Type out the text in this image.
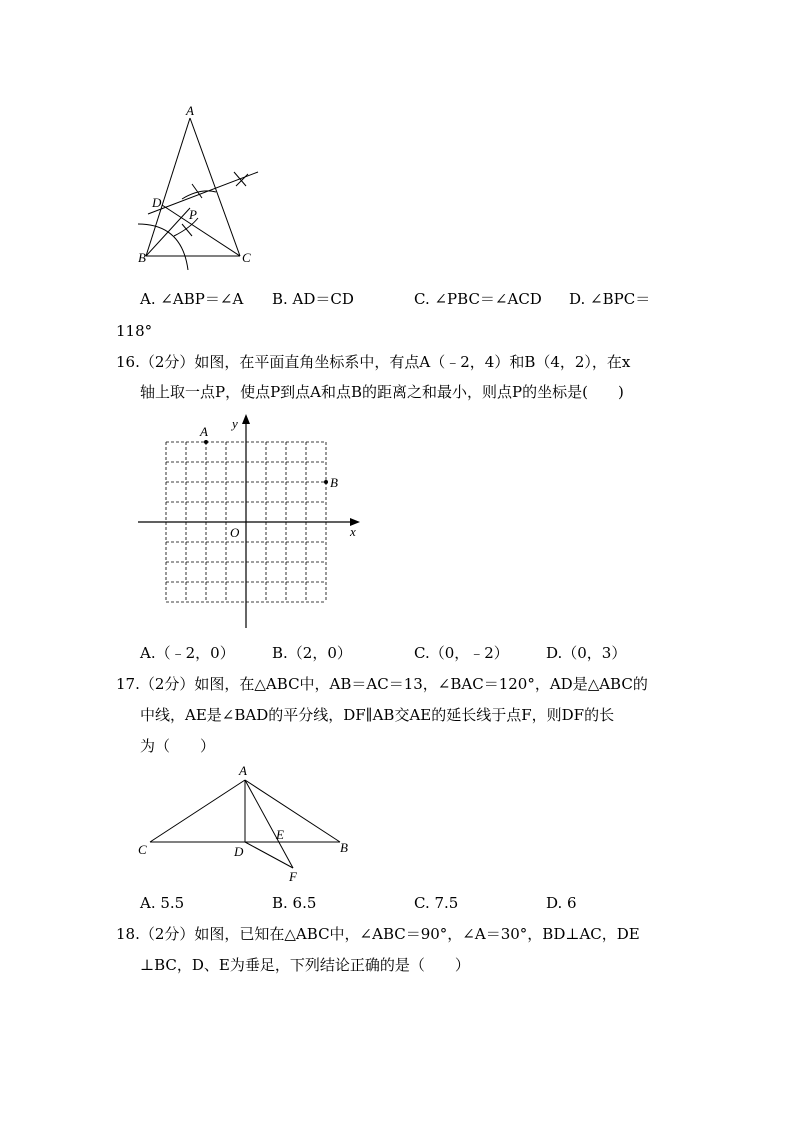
A
D
P
B	C
A. ∠ABP＝∠A B. AD＝CD	C. ∠PBC＝∠ACD D. ∠BPC＝
118°
16.（2分）如图，在平面直角坐标系中，有点A（﹣2，4）和B（4，2），在x
轴上取一点P，使点P到点A和点B的距离之和最小，则点P的坐标是(　　)
y
x
O
A
B
A.（﹣2，0） B.（2，0）	C.（0，﹣2） D.（0，3）
17.（2分）如图，在△ABC中，AB＝AC＝13，∠BAC＝120°，AD是△ABC的
中线，AE是∠BAD的平分线，DF∥AB交AE的延长线于点F，则DF的长
为（　　）
A
C	D
E
B
F
A. 5.5	B. 6.5	C. 7.5	D. 6
18.（2分）如图，已知在△ABC中，∠ABC＝90°，∠A＝30°，BD⊥AC，DE
⊥BC，D、E为垂足，下列结论正确的是（　　）
